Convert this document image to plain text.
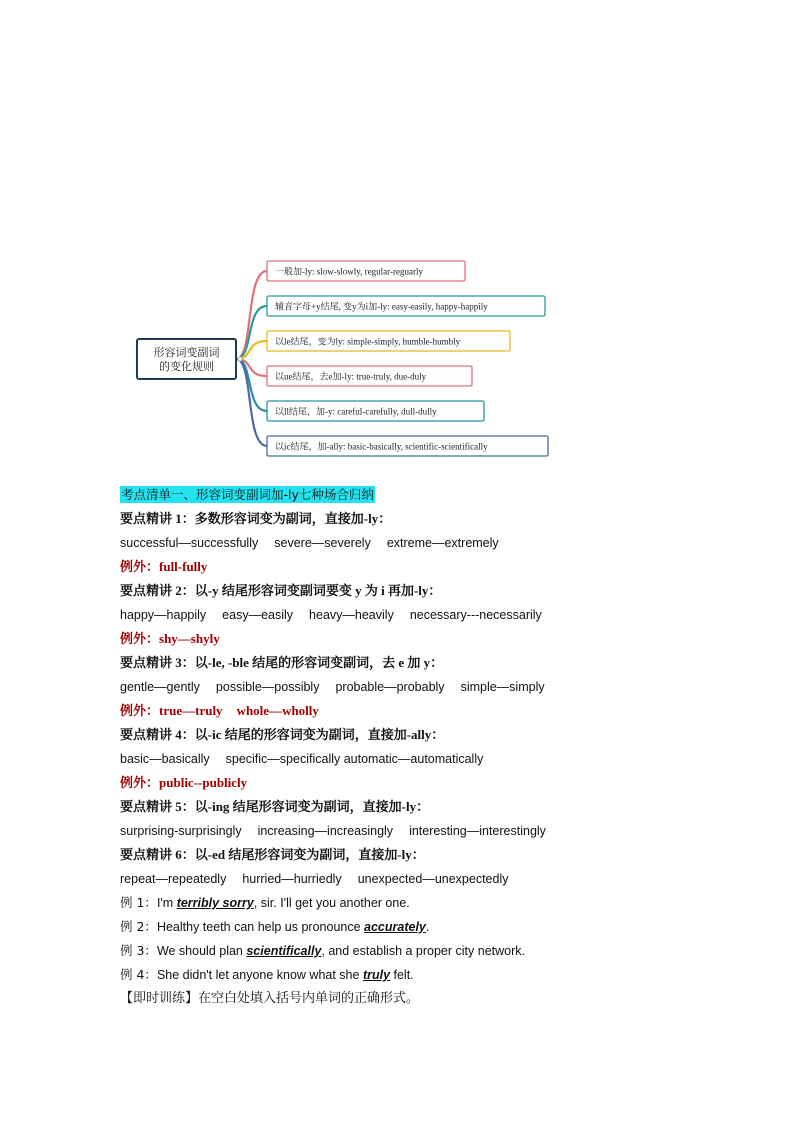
形容词变副词
的变化规则
一般加-ly: slow-slowly, regular-reguarly
辅音字母+y结尾, 变y为i加-ly: easy-easily, happy-happily
以le结尾，变为ly: simple-simply, humble-humbly
以ue结尾，去e加-ly: true-truly, due-duly
以ll结尾，加-y: careful-carefully, dull-dully
以ic结尾，加-ally: basic-basically, scientific-scientifically
考点清单一、形容词变副词加-ly七种场合归纳
要点精讲 1：多数形容词变为副词，直接加-ly：
successful—successfully severe—severely extreme—extremely
例外：full-fully
要点精讲 2：以-y 结尾形容词变副词要变 y 为 i 再加-ly：
happy—happily easy—easily heavy—heavily necessary---necessarily
例外：shy—shyly
要点精讲 3：以-le, -ble 结尾的形容词变副词，去 e 加 y：
gentle—gently possible—possibly probable—probably simple—simply
例外：true—truly whole—wholly
要点精讲 4：以-ic 结尾的形容词变为副词，直接加-ally：
basic—basically specific—specifically automatic—automatically
例外：public--publicly
要点精讲 5：以-ing 结尾形容词变为副词，直接加-ly：
surprising-surprisingly increasing—increasingly interesting—interestingly
要点精讲 6：以-ed 结尾形容词变为副词，直接加-ly：
repeat—repeatedly hurried—hurriedly unexpected—unexpectedly
例 1：I'm terribly sorry, sir. I'll get you another one.
例 2：Healthy teeth can help us pronounce accurately.
例 3：We should plan scientifically, and establish a proper city network.
例 4：She didn't let anyone know what she truly felt.
【即时训练】在空白处填入括号内单词的正确形式。
